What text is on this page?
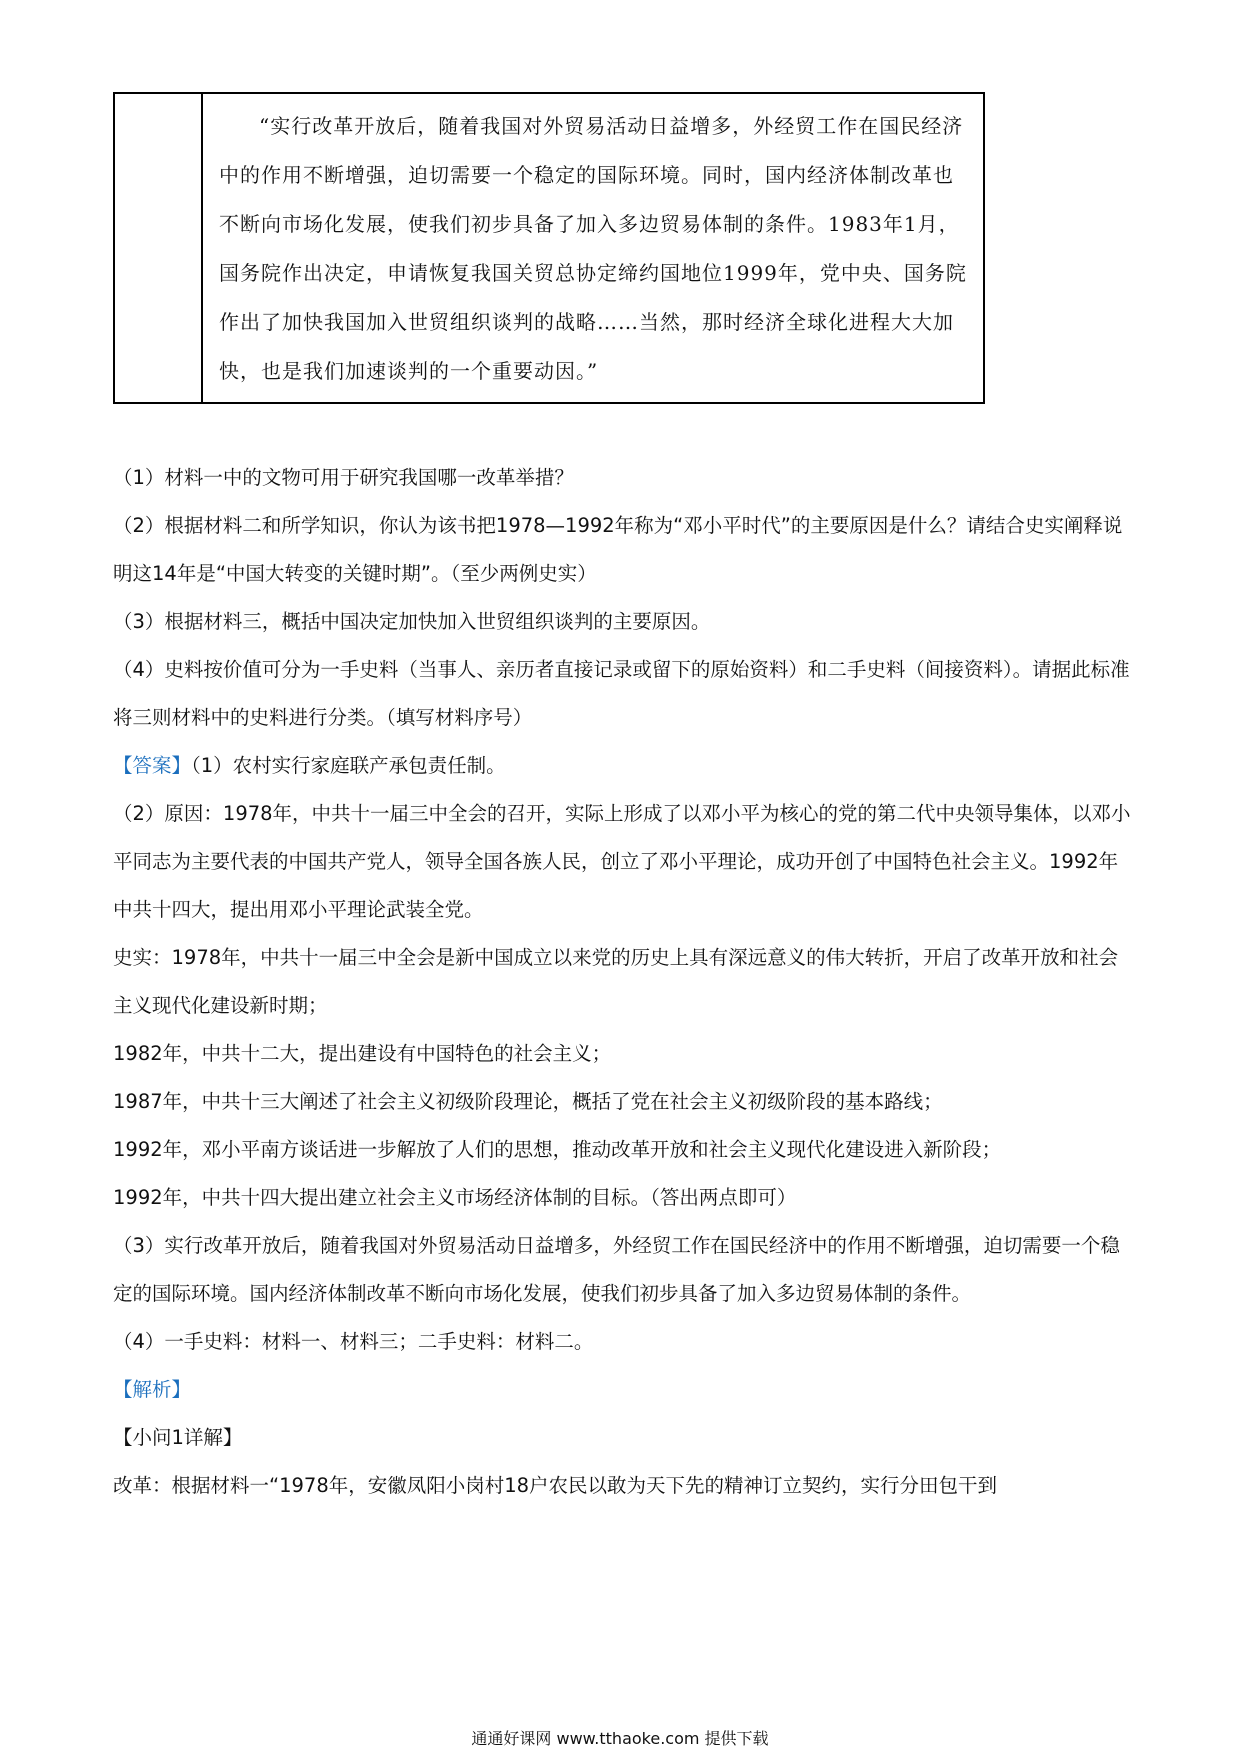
“实行改革开放后，随着我国对外贸易活动日益增多，外经贸工作在国民经济中的作用不断增强，迫切需要一个稳定的国际环境。同时，国内经济体制改革也不断向市场化发展，使我们初步具备了加入多边贸易体制的条件。1983年1月，国务院作出决定，申请恢复我国关贸总协定缔约国地位1999年，党中央、国务院作出了加快我国加入世贸组织谈判的战略……当然，那时经济全球化进程大大加快，也是我们加速谈判的一个重要动因。”

（1）材料一中的文物可用于研究我国哪一改革举措？

（2）根据材料二和所学知识，你认为该书把1978—1992年称为“邓小平时代”的主要原因是什么？请结合史实阐释说明这14年是“中国大转变的关键时期”。（至少两例史实）

（3）根据材料三，概括中国决定加快加入世贸组织谈判的主要原因。

（4）史料按价值可分为一手史料（当事人、亲历者直接记录或留下的原始资料）和二手史料（间接资料）。请据此标准将三则材料中的史料进行分类。（填写材料序号）

【答案】（1）农村实行家庭联产承包责任制。

（2）原因：1978年，中共十一届三中全会的召开，实际上形成了以邓小平为核心的党的第二代中央领导集体，以邓小平同志为主要代表的中国共产党人，领导全国各族人民，创立了邓小平理论，成功开创了中国特色社会主义。1992年中共十四大，提出用邓小平理论武装全党。

史实：1978年，中共十一届三中全会是新中国成立以来党的历史上具有深远意义的伟大转折，开启了改革开放和社会主义现代化建设新时期；

1982年，中共十二大，提出建设有中国特色的社会主义；

1987年，中共十三大阐述了社会主义初级阶段理论，概括了党在社会主义初级阶段的基本路线；

1992年，邓小平南方谈话进一步解放了人们的思想，推动改革开放和社会主义现代化建设进入新阶段；

1992年，中共十四大提出建立社会主义市场经济体制的目标。（答出两点即可）

（3）实行改革开放后，随着我国对外贸易活动日益增多，外经贸工作在国民经济中的作用不断增强，迫切需要一个稳定的国际环境。国内经济体制改革不断向市场化发展，使我们初步具备了加入多边贸易体制的条件。

（4）一手史料：材料一、材料三；二手史料：材料二。

【解析】

【小问1详解】

改革：根据材料一“1978年，安徽凤阳小岗村18户农民以敢为天下先的精神订立契约，实行分田包干到

通通好课网 www.tthaoke.com 提供下载
